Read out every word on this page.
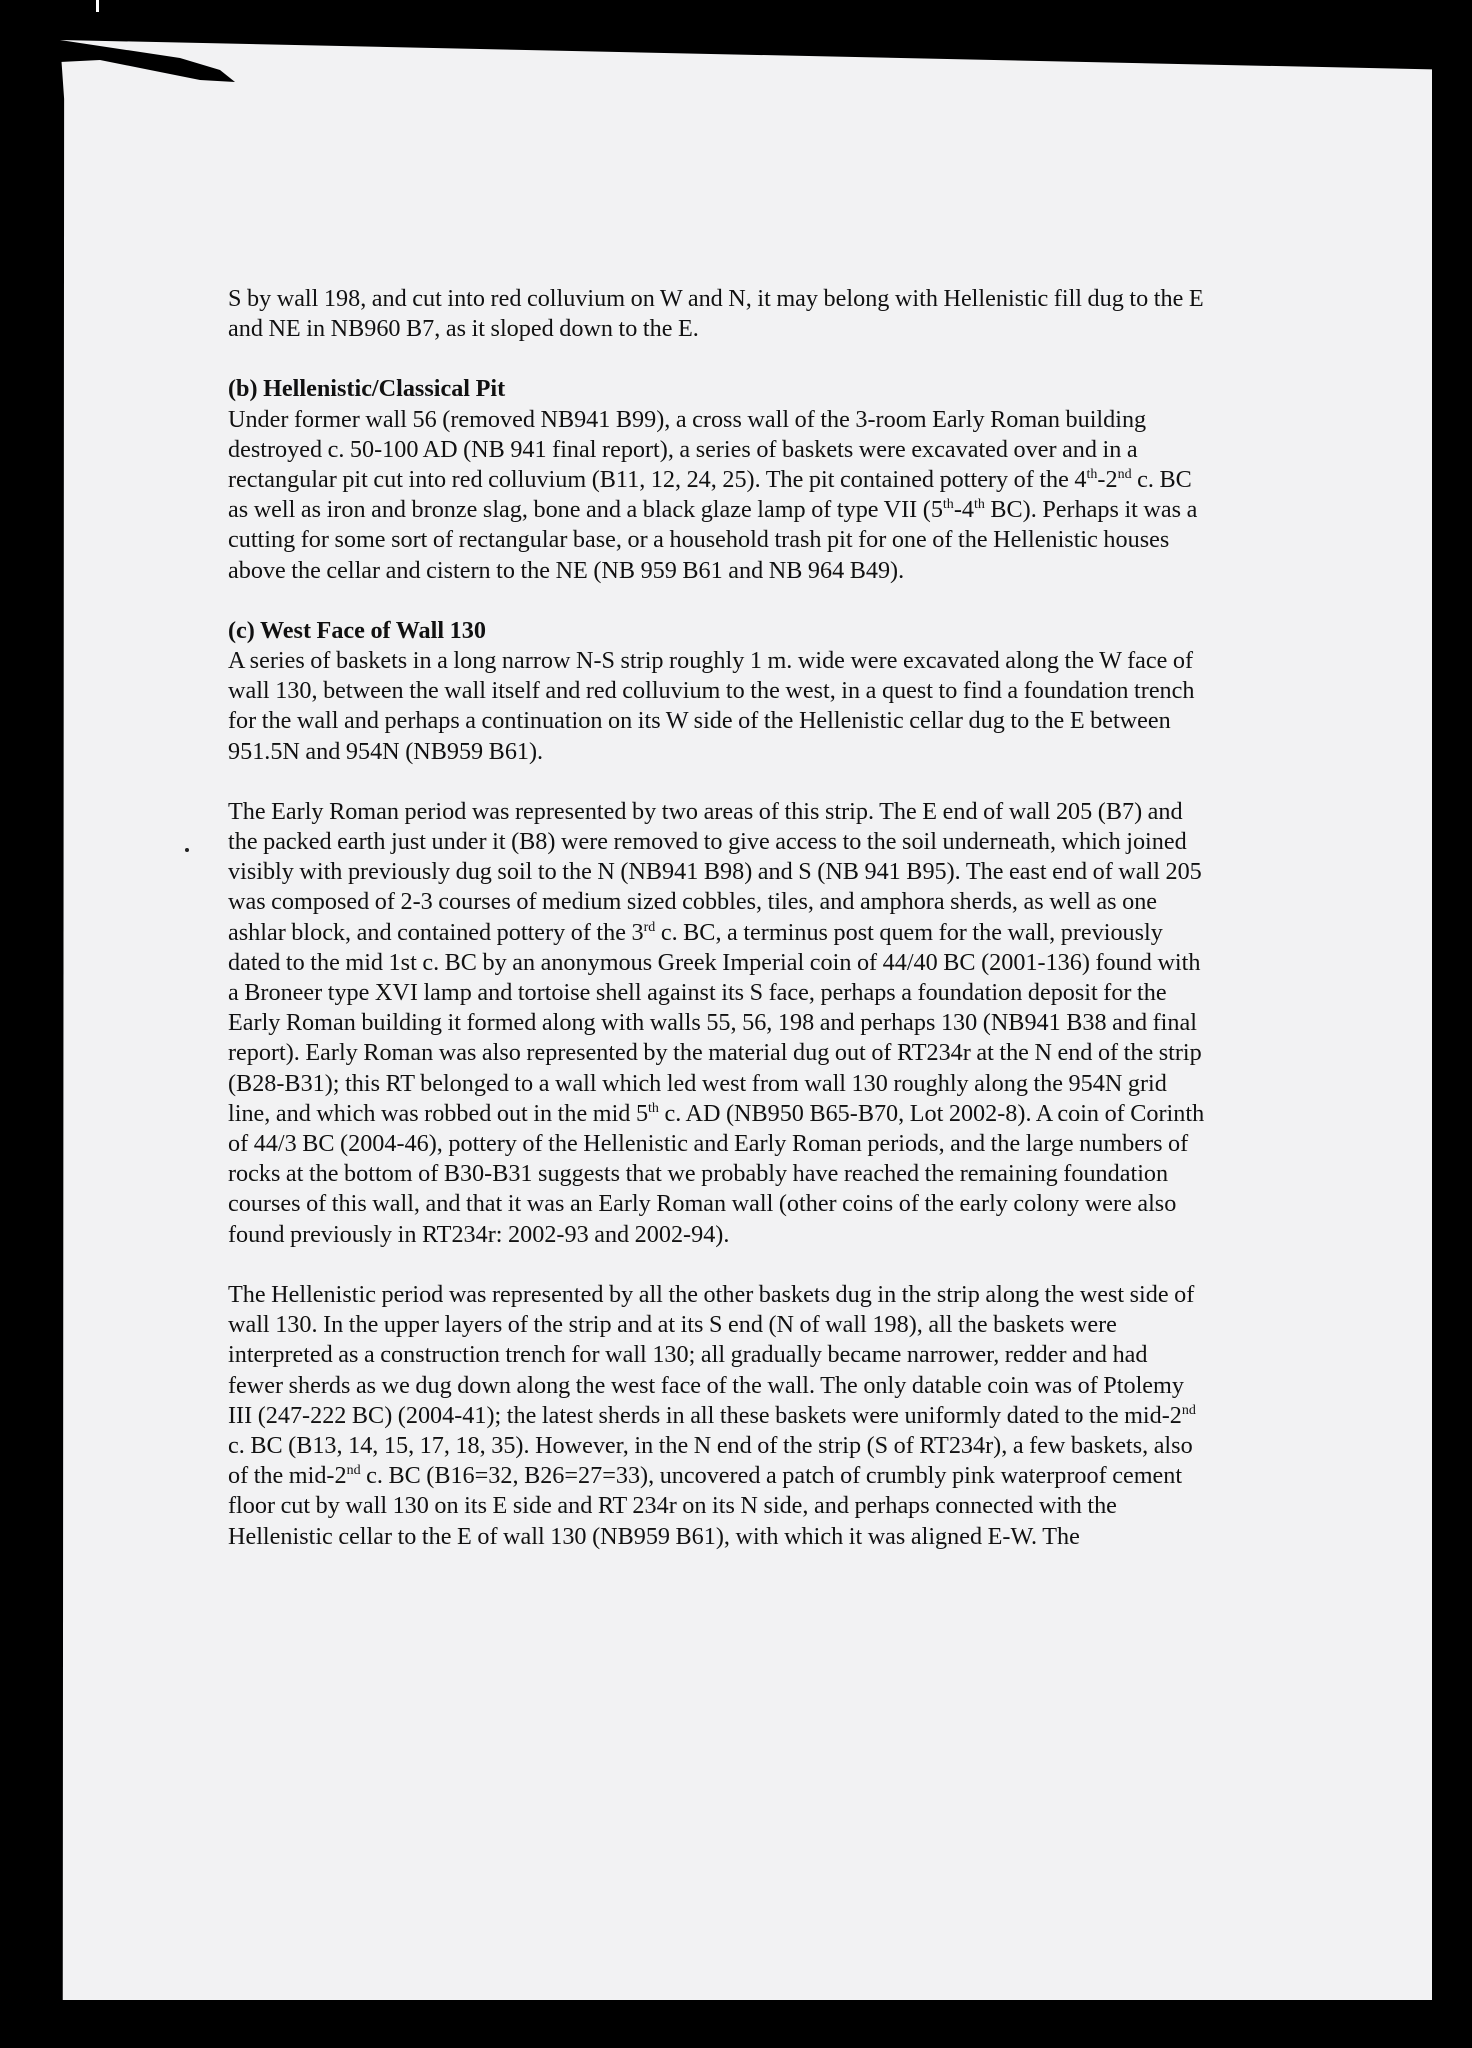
S by wall 198, and cut into red colluvium on W and N, it may belong with Hellenistic fill dug to the E and NE in NB960 B7, as it sloped down to the E.

(b) Hellenistic/Classical Pit

Under former wall 56 (removed NB941 B99), a cross wall of the 3-room Early Roman building destroyed c. 50-100 AD (NB 941 final report), a series of baskets were excavated over and in a rectangular pit cut into red colluvium (B11, 12, 24, 25). The pit contained pottery of the 4th-2nd c. BC as well as iron and bronze slag, bone and a black glaze lamp of type VII (5th-4th BC). Perhaps it was a cutting for some sort of rectangular base, or a household trash pit for one of the Hellenistic houses above the cellar and cistern to the NE (NB 959 B61 and NB 964 B49).

(c) West Face of Wall 130

A series of baskets in a long narrow N-S strip roughly 1 m. wide were excavated along the W face of wall 130, between the wall itself and red colluvium to the west, in a quest to find a foundation trench for the wall and perhaps a continuation on its W side of the Hellenistic cellar dug to the E between 951.5N and 954N (NB959 B61).

The Early Roman period was represented by two areas of this strip. The E end of wall 205 (B7) and the packed earth just under it (B8) were removed to give access to the soil underneath, which joined visibly with previously dug soil to the N (NB941 B98) and S (NB 941 B95). The east end of wall 205 was composed of 2-3 courses of medium sized cobbles, tiles, and amphora sherds, as well as one ashlar block, and contained pottery of the 3rd c. BC, a terminus post quem for the wall, previously dated to the mid 1st c. BC by an anonymous Greek Imperial coin of 44/40 BC (2001-136) found with a Broneer type XVI lamp and tortoise shell against its S face, perhaps a foundation deposit for the Early Roman building it formed along with walls 55, 56, 198 and perhaps 130 (NB941 B38 and final report). Early Roman was also represented by the material dug out of RT234r at the N end of the strip (B28-B31); this RT belonged to a wall which led west from wall 130 roughly along the 954N grid line, and which was robbed out in the mid 5th c. AD (NB950 B65-B70, Lot 2002-8). A coin of Corinth of 44/3 BC (2004-46), pottery of the Hellenistic and Early Roman periods, and the large numbers of rocks at the bottom of B30-B31 suggests that we probably have reached the remaining foundation courses of this wall, and that it was an Early Roman wall (other coins of the early colony were also found previously in RT234r: 2002-93 and 2002-94).

The Hellenistic period was represented by all the other baskets dug in the strip along the west side of wall 130. In the upper layers of the strip and at its S end (N of wall 198), all the baskets were interpreted as a construction trench for wall 130; all gradually became narrower, redder and had fewer sherds as we dug down along the west face of the wall. The only datable coin was of Ptolemy III (247-222 BC) (2004-41); the latest sherds in all these baskets were uniformly dated to the mid-2nd c. BC (B13, 14, 15, 17, 18, 35). However, in the N end of the strip (S of RT234r), a few baskets, also of the mid-2nd c. BC (B16=32, B26=27=33), uncovered a patch of crumbly pink waterproof cement floor cut by wall 130 on its E side and RT 234r on its N side, and perhaps connected with the Hellenistic cellar to the E of wall 130 (NB959 B61), with which it was aligned E-W. The
